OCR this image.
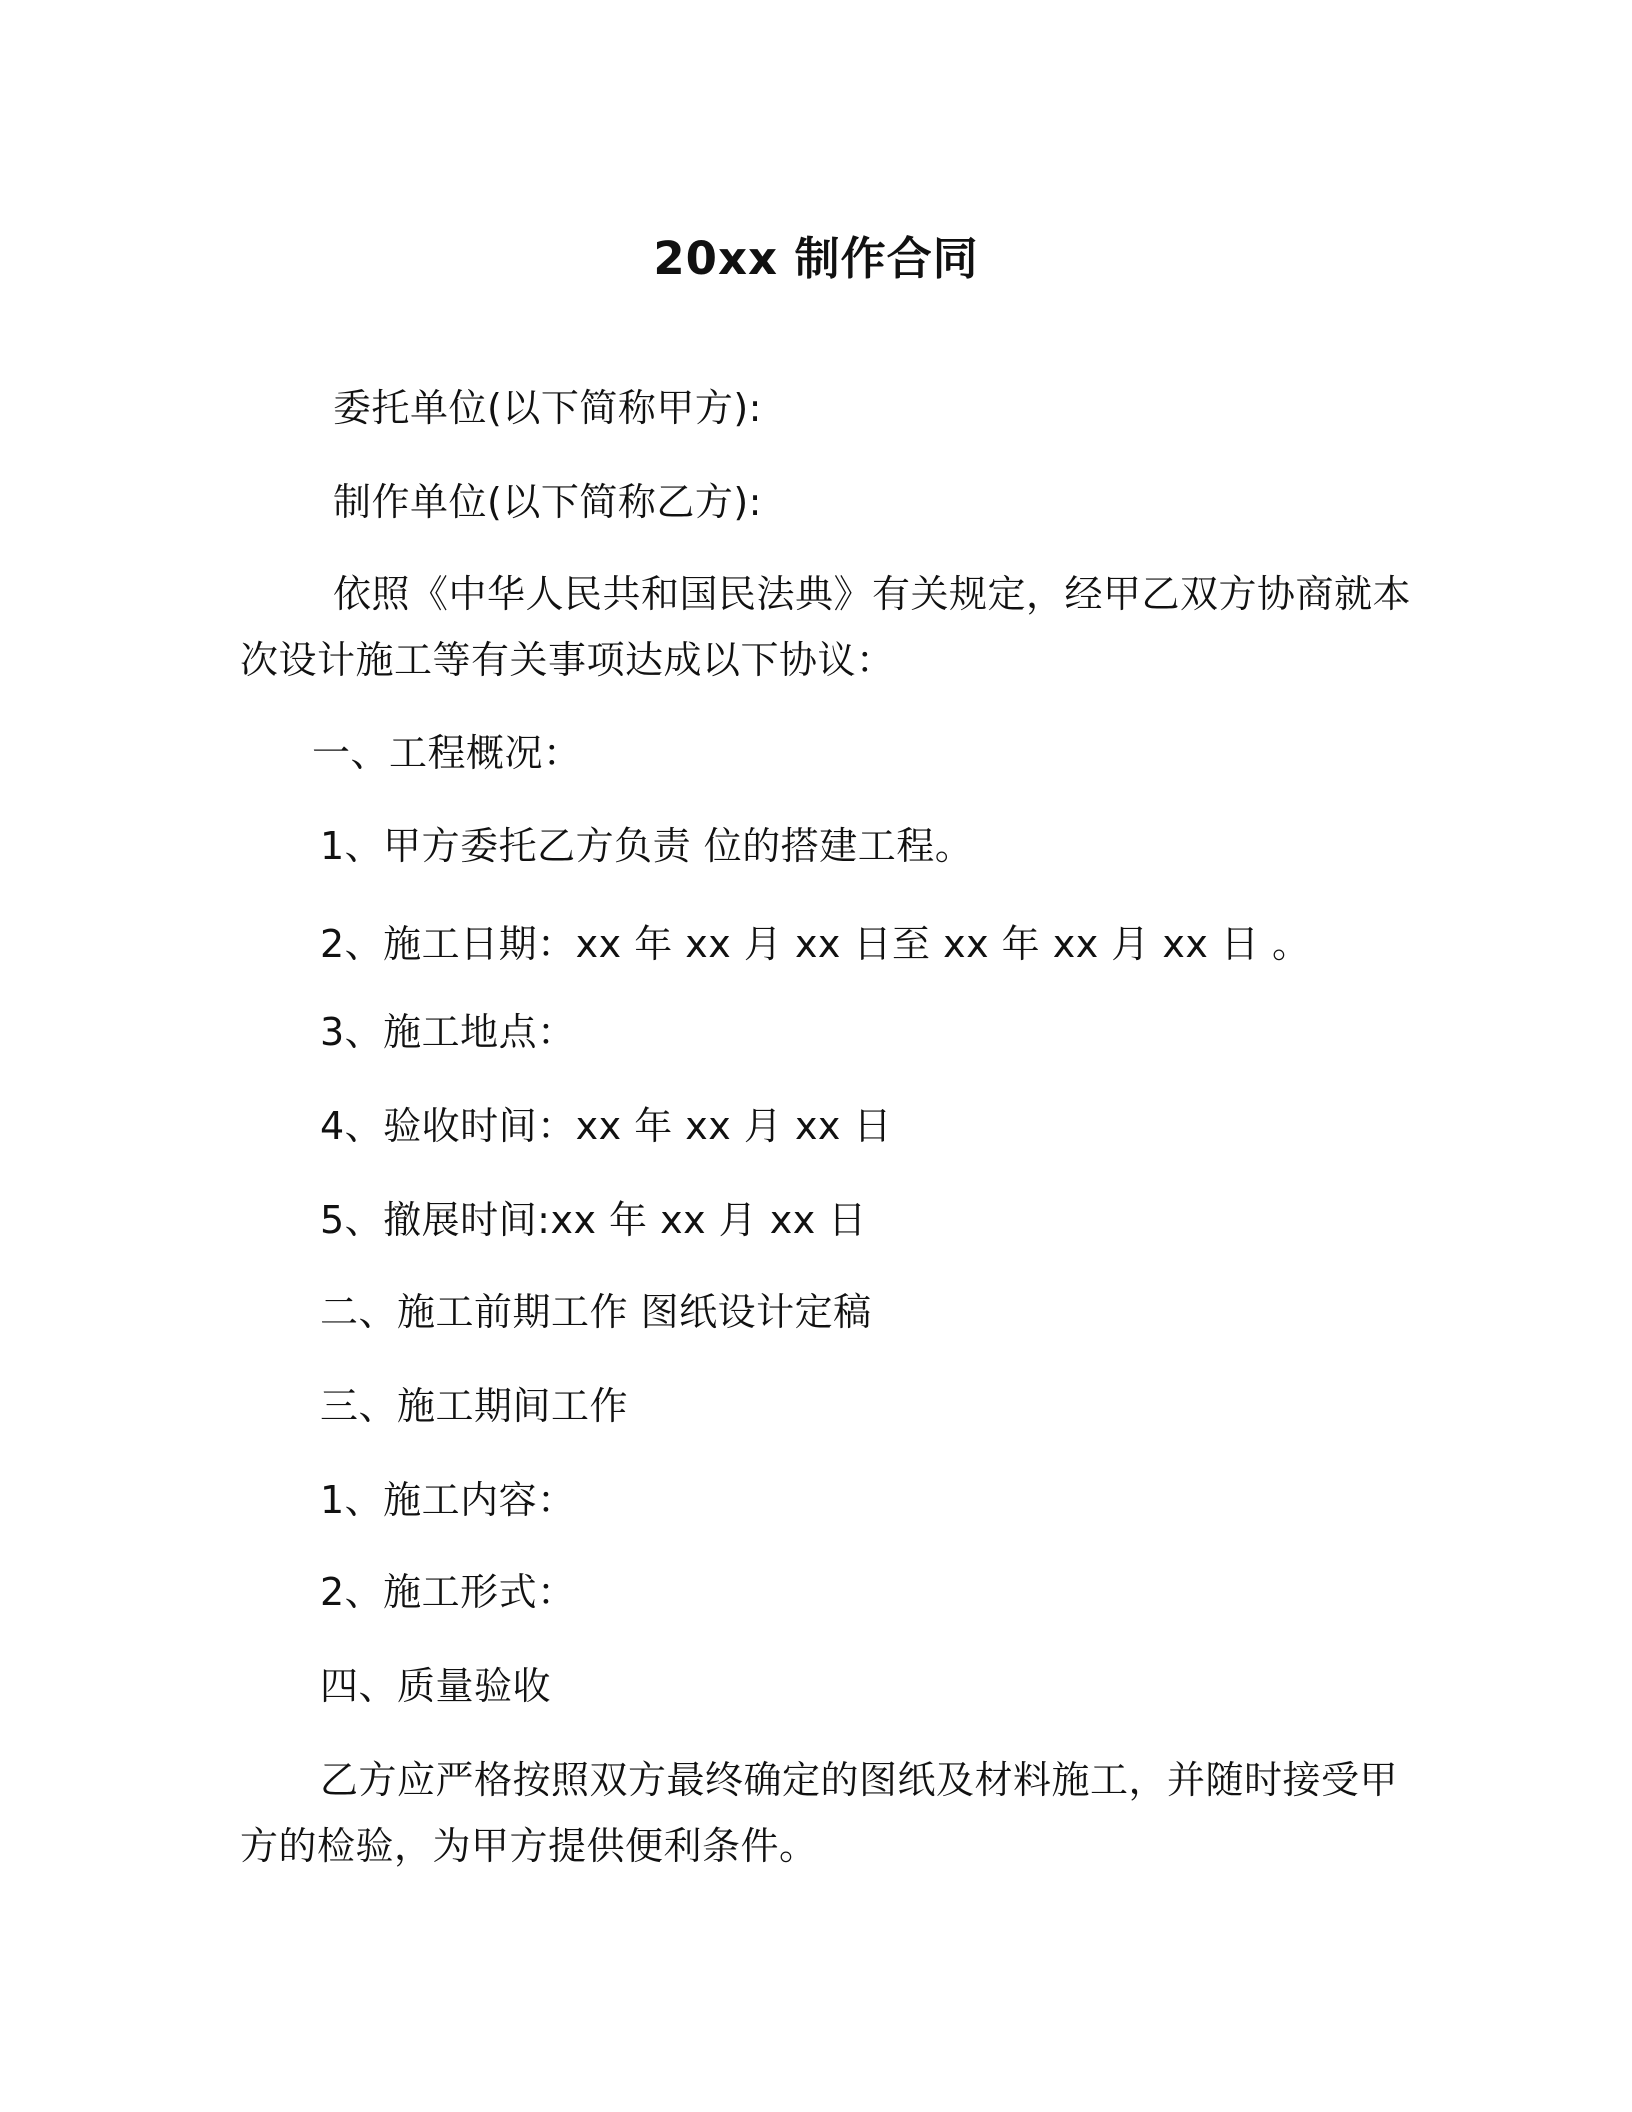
20xx 制作合同
委托单位(以下简称甲方):
制作单位(以下简称乙方):
依照《中华人民共和国民法典》有关规定，经甲乙双方协商就本
次设计施工等有关事项达成以下协议：
一、工程概况：
1、甲方委托乙方负责 位的搭建工程。
2、施工日期：xx 年 xx 月 xx 日至 xx 年 xx 月 xx 日 。
3、施工地点：
4、验收时间：xx 年 xx 月 xx 日
5、撤展时间:xx 年 xx 月 xx 日
二、施工前期工作 图纸设计定稿
三、施工期间工作
1、施工内容：
2、施工形式：
四、质量验收
乙方应严格按照双方最终确定的图纸及材料施工，并随时接受甲
方的检验，为甲方提供便利条件。
